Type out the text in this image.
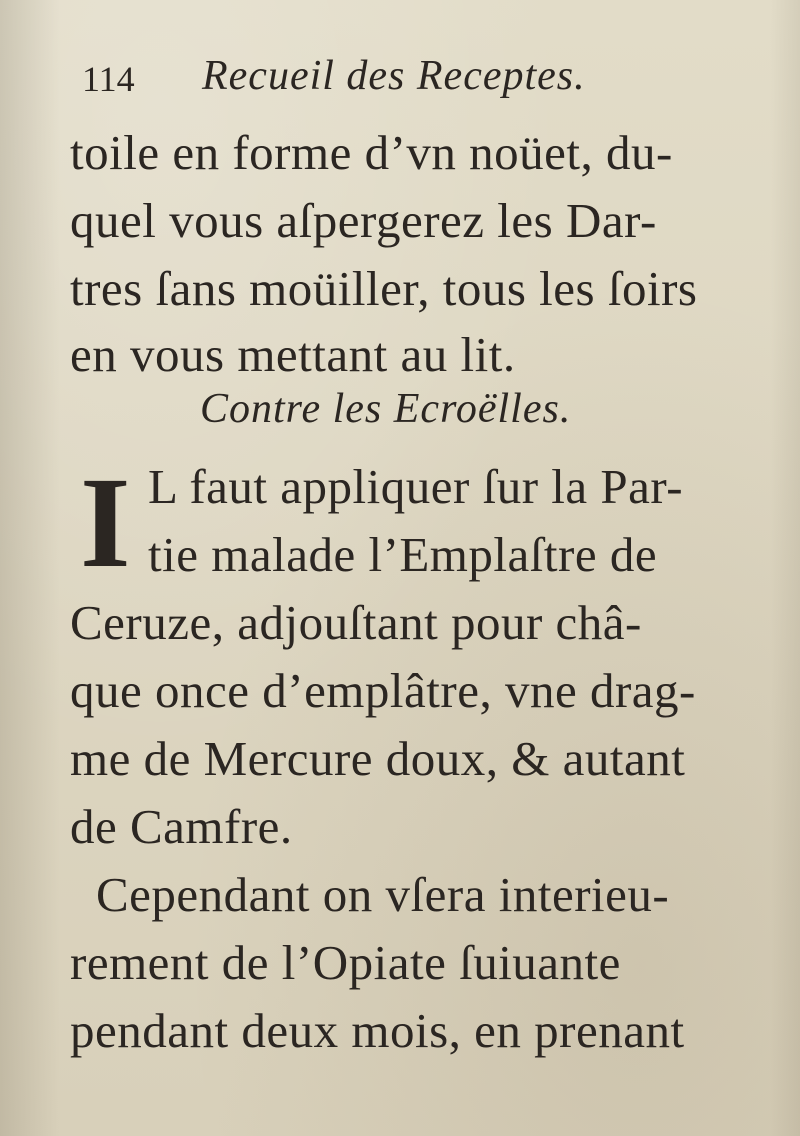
114 Recueil des Receptes.
toile en forme d’vn noüet, du-
quel vous aſpergerez les Dar-
tres ſans moüiller, tous les ſoirs
en vous mettant au lit.
Contre les Ecroëlles.
I L faut appliquer ſur la Par-
tie malade l’Emplaſtre de
Ceruze, adjouſtant pour châ-
que once d’emplâtre, vne drag-
me de Mercure doux, & autant
de Camfre.
Cependant on vſera interieu-
rement de l’Opiate ſuiuante
pendant deux mois, en prenant
